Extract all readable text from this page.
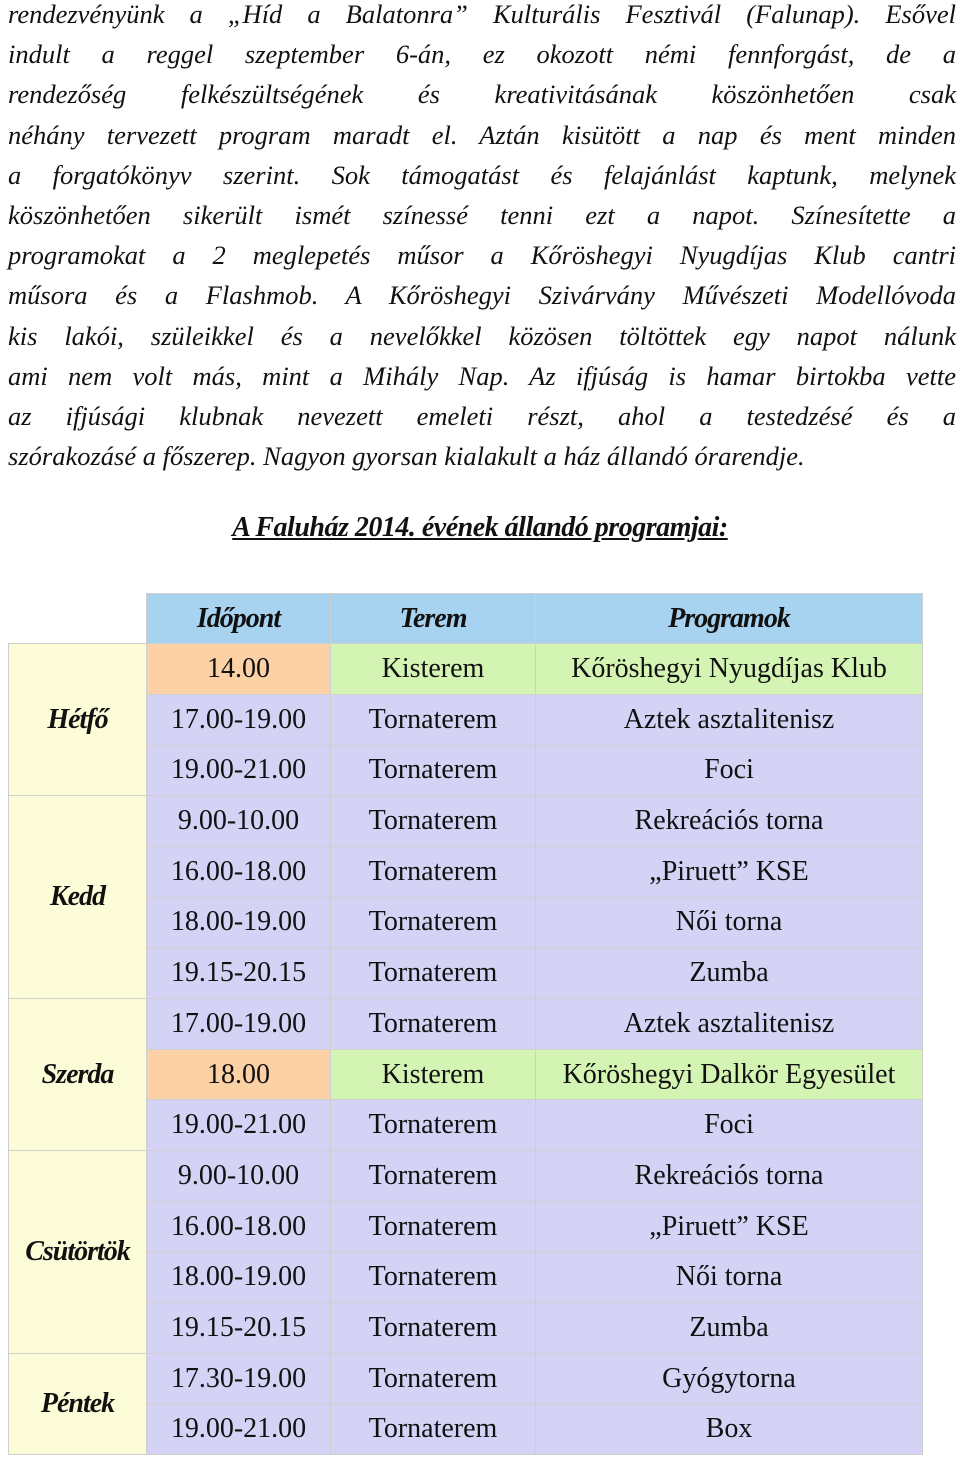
rendezvényünk a „Híd a Balatonra” Kulturális Fesztivál (Falunap). Esővel
indult a reggel szeptember 6-án, ez okozott némi fennforgást, de a
rendezőség felkészültségének és kreativitásának köszönhetően csak
néhány tervezett program maradt el. Aztán kisütött a nap és ment minden
a forgatókönyv szerint. Sok támogatást és felajánlást kaptunk, melynek
köszönhetően sikerült ismét színessé tenni ezt a napot. Színesítette a
programokat a 2 meglepetés műsor a Kőröshegyi Nyugdíjas Klub cantri
műsora és a Flashmob. A Kőröshegyi Szivárvány Művészeti Modellóvoda
kis lakói, szüleikkel és a nevelőkkel közösen töltöttek egy napot nálunk
ami nem volt más, mint a Mihály Nap. Az ifjúság is hamar birtokba vette
az ifjúsági klubnak nevezett emeleti részt, ahol a testedzésé és a
szórakozásé a főszerep. Nagyon gyorsan kialakult a ház állandó órarendje.
A Faluház 2014. évének állandó programjai:
	Időpont	Terem	Programok
Hétfő	14.00	Kisterem	Kőröshegyi Nyugdíjas Klub
	17.00-19.00	Tornaterem	Aztek asztalitenisz
	19.00-21.00	Tornaterem	Foci
Kedd	9.00-10.00	Tornaterem	Rekreációs torna
	16.00-18.00	Tornaterem	„Piruett” KSE
	18.00-19.00	Tornaterem	Női torna
	19.15-20.15	Tornaterem	Zumba
Szerda	17.00-19.00	Tornaterem	Aztek asztalitenisz
	18.00	Kisterem	Kőröshegyi Dalkör Egyesület
	19.00-21.00	Tornaterem	Foci
Csütörtök	9.00-10.00	Tornaterem	Rekreációs torna
	16.00-18.00	Tornaterem	„Piruett” KSE
	18.00-19.00	Tornaterem	Női torna
	19.15-20.15	Tornaterem	Zumba
Péntek	17.30-19.00	Tornaterem	Gyógytorna
	19.00-21.00	Tornaterem	Box
